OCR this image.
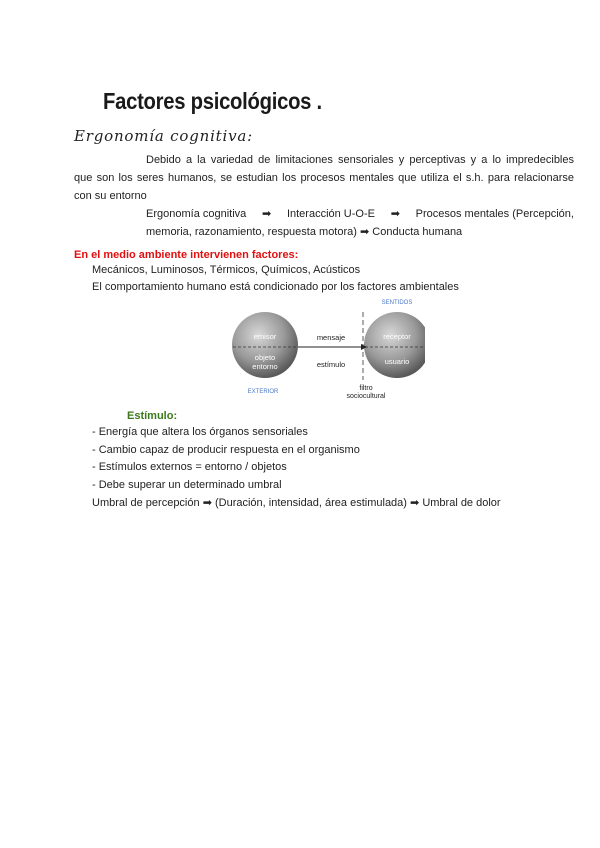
Factores psicológicos .
Ergonomía cognitiva:
Debido a la variedad de limitaciones sensoriales y perceptivas y a lo impredecibles
que son los seres humanos, se estudian los procesos mentales que utiliza el s.h. para relacionarse
con su entorno
Ergonomía cognitiva ➡ Interacción U-O-E ➡ Procesos mentales (Percepción,
memoria, razonamiento, respuesta motora) ➡ Conducta humana
En el medio ambiente intervienen factores:
Mecánicos, Luminosos, Térmicos, Químicos, Acústicos
El comportamiento humano está condicionado por los factores ambientales
emisor
objeto
entorno
receptor
usuario
mensaje
estímulo
filtro
sociocultural
EXTERIOR
SENTIDOS
Estímulo:
- Energía que altera los órganos sensoriales
- Cambio capaz de producir respuesta en el organismo
- Estímulos externos = entorno / objetos
- Debe superar un determinado umbral
Umbral de percepción ➡ (Duración, intensidad, área estimulada) ➡ Umbral de dolor
